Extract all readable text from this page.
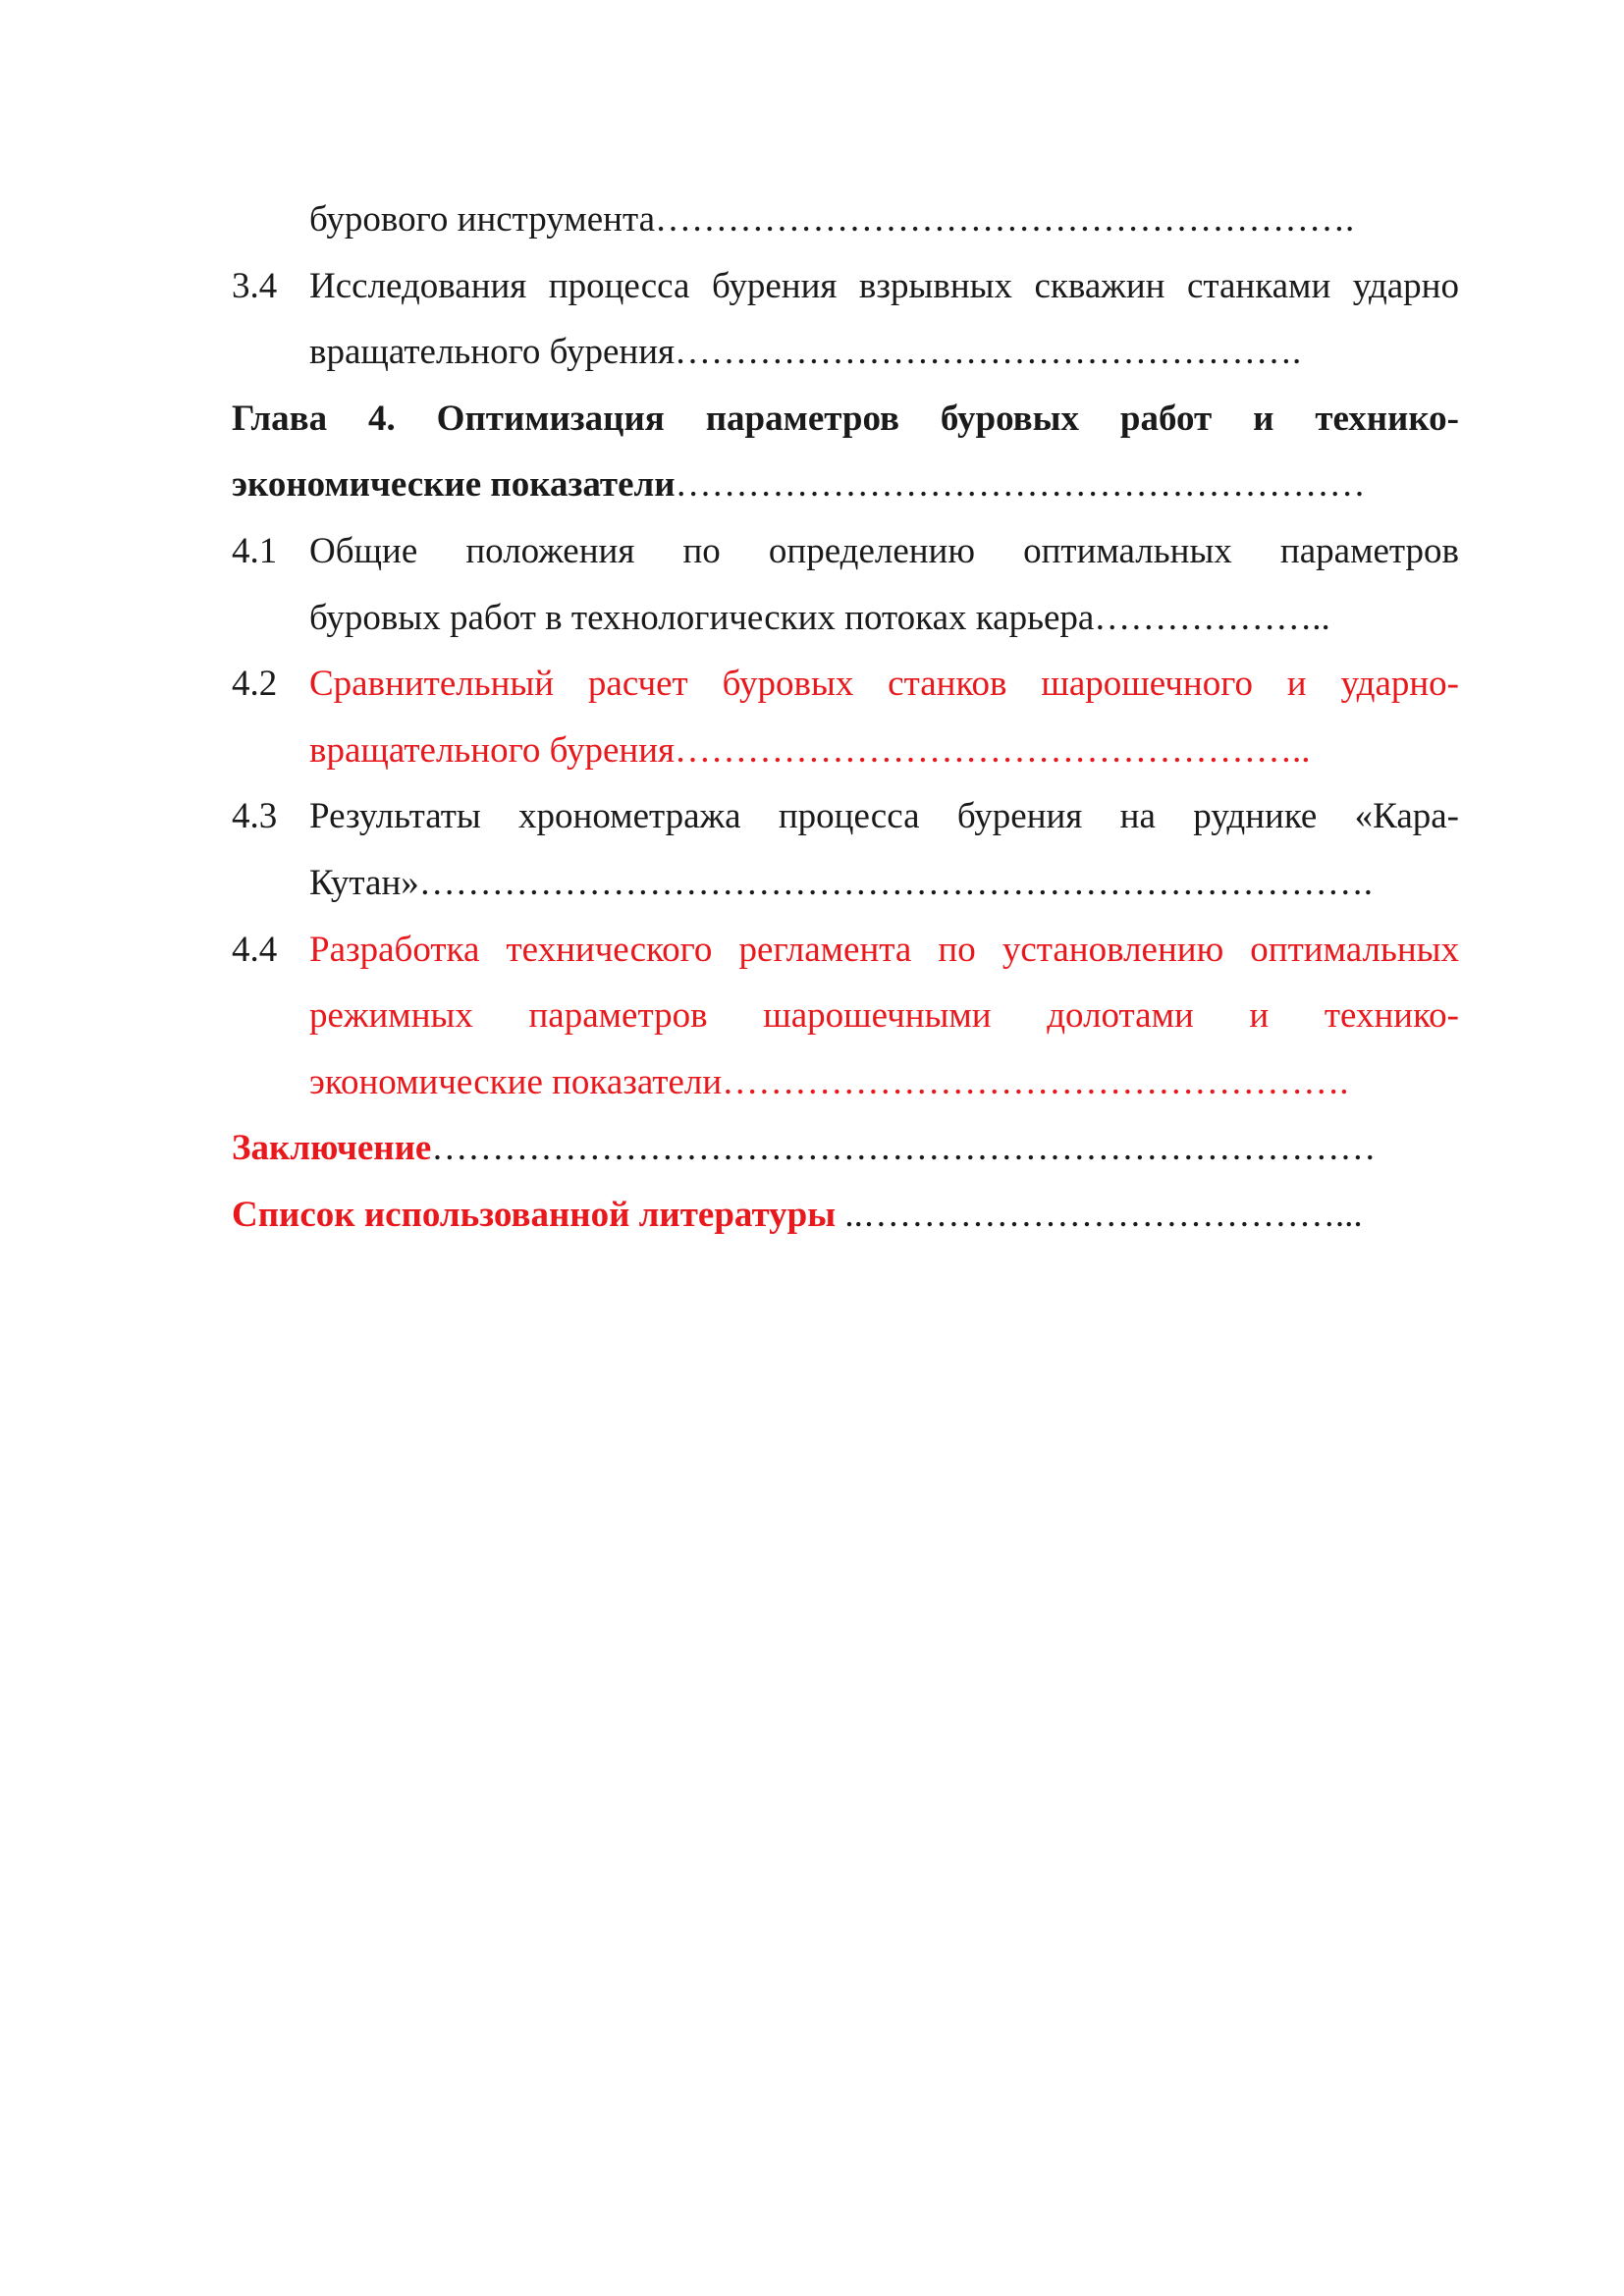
бурового инструмента………………………………………………….
3.4 Исследования процесса бурения взрывных скважин станками ударно
вращательного бурения…………………………………………….
Глава 4. Оптимизация параметров буровых работ и технико-
экономические показатели…………………………………………………
4.1 Общие положения по определению оптимальных параметров
буровых работ в технологических потоках карьера………………..
4.2 Сравнительный расчет буровых станков шарошечного и ударно-
вращательного бурения……………………………………………..
4.3 Результаты хронометража процесса бурения на руднике «Кара-
Кутан»…………………………………………………………………….
4.4 Разработка технического регламента по установлению оптимальных
режимных параметров шарошечными долотами и технико-
экономические показатели…………………………………………….
Заключение……………………………………………………………………
Список использованной литературы ..…………………………………...
